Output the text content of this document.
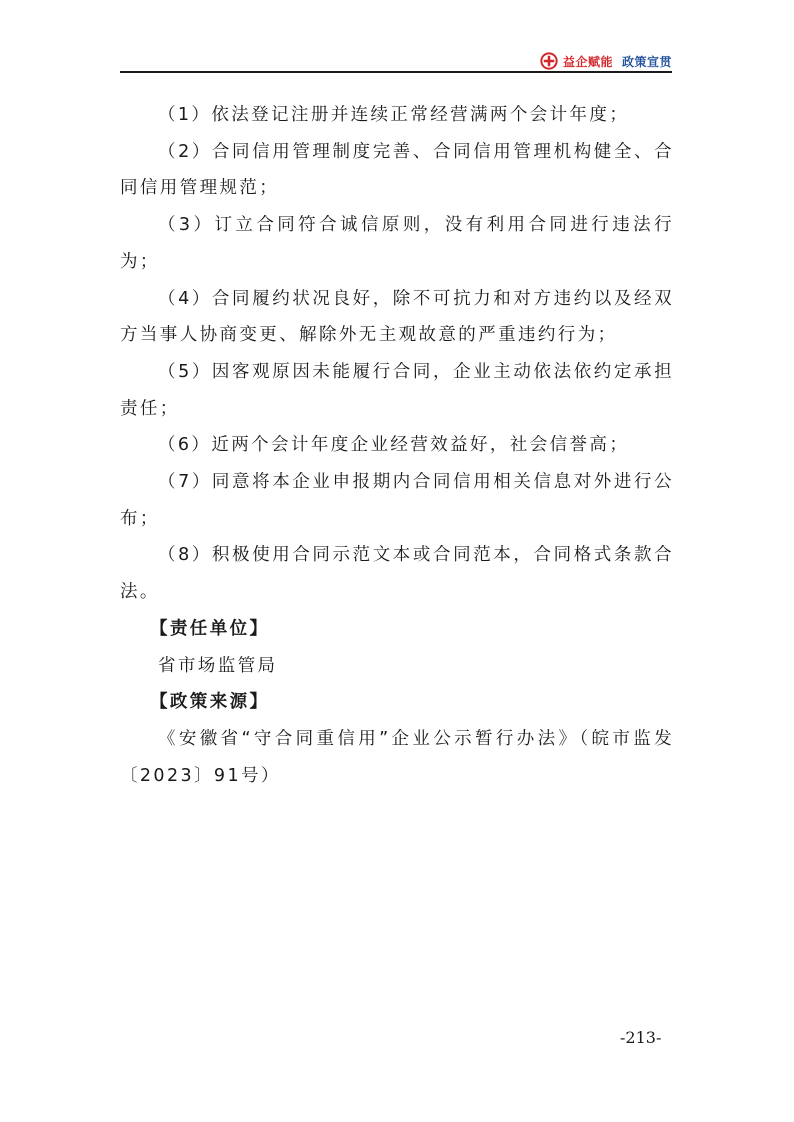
益企赋能 政策宣贯

（1）依法登记注册并连续正常经营满两个会计年度；

（2）合同信用管理制度完善、合同信用管理机构健全、合同信用管理规范；

（3）订立合同符合诚信原则，没有利用合同进行违法行为；

（4）合同履约状况良好，除不可抗力和对方违约以及经双方当事人协商变更、解除外无主观故意的严重违约行为；

（5）因客观原因未能履行合同，企业主动依法依约定承担责任；

（6）近两个会计年度企业经营效益好，社会信誉高；

（7）同意将本企业申报期内合同信用相关信息对外进行公布；

（8）积极使用合同示范文本或合同范本，合同格式条款合法。

【责任单位】

省市场监管局

【政策来源】

《安徽省“守合同重信用”企业公示暂行办法》（皖市监发〔2023〕91号）

-213-
